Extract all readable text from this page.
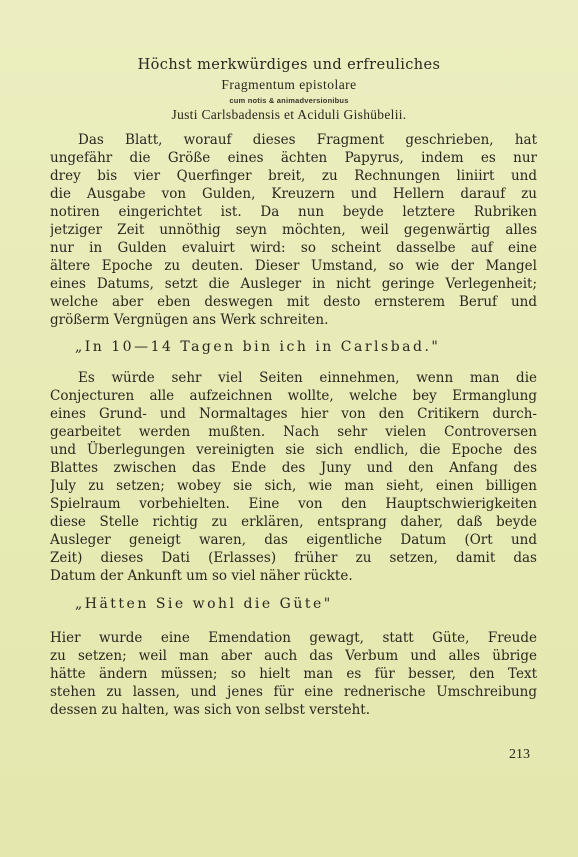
Höchst merkwürdiges und erfreuliches
Fragmentum epistolare
cum notis & animadversionibus
Justi Carlsbadensis et Aciduli Gishübelii.
Das Blatt, worauf dieses Fragment geschrieben, hat
ungefähr die Größe eines ächten Papyrus, indem es nur
drey bis vier Querfinger breit, zu Rechnungen liniirt und
die Ausgabe von Gulden, Kreuzern und Hellern darauf zu
notiren eingerichtet ist. Da nun beyde letztere Rubriken
jetziger Zeit unnöthig seyn möchten, weil gegenwärtig alles
nur in Gulden evaluirt wird: so scheint dasselbe auf eine
ältere Epoche zu deuten. Dieser Umstand, so wie der Mangel
eines Datums, setzt die Ausleger in nicht geringe Verlegenheit;
welche aber eben deswegen mit desto ernsterem Beruf und
größerm Vergnügen ans Werk schreiten.
„In 10—14 Tagen bin ich in Carlsbad."
Es würde sehr viel Seiten einnehmen, wenn man die
Conjecturen alle aufzeichnen wollte, welche bey Ermanglung
eines Grund- und Normaltages hier von den Critikern durch-
gearbeitet werden mußten. Nach sehr vielen Controversen
und Überlegungen vereinigten sie sich endlich, die Epoche des
Blattes zwischen das Ende des Juny und den Anfang des
July zu setzen; wobey sie sich, wie man sieht, einen billigen
Spielraum vorbehielten. Eine von den Hauptschwierigkeiten
diese Stelle richtig zu erklären, entsprang daher, daß beyde
Ausleger geneigt waren, das eigentliche Datum (Ort und
Zeit) dieses Dati (Erlasses) früher zu setzen, damit das
Datum der Ankunft um so viel näher rückte.
„Hätten Sie wohl die Güte"
Hier wurde eine Emendation gewagt, statt Güte, Freude
zu setzen; weil man aber auch das Verbum und alles übrige
hätte ändern müssen; so hielt man es für besser, den Text
stehen zu lassen, und jenes für eine rednerische Umschreibung
dessen zu halten, was sich von selbst versteht.
213
